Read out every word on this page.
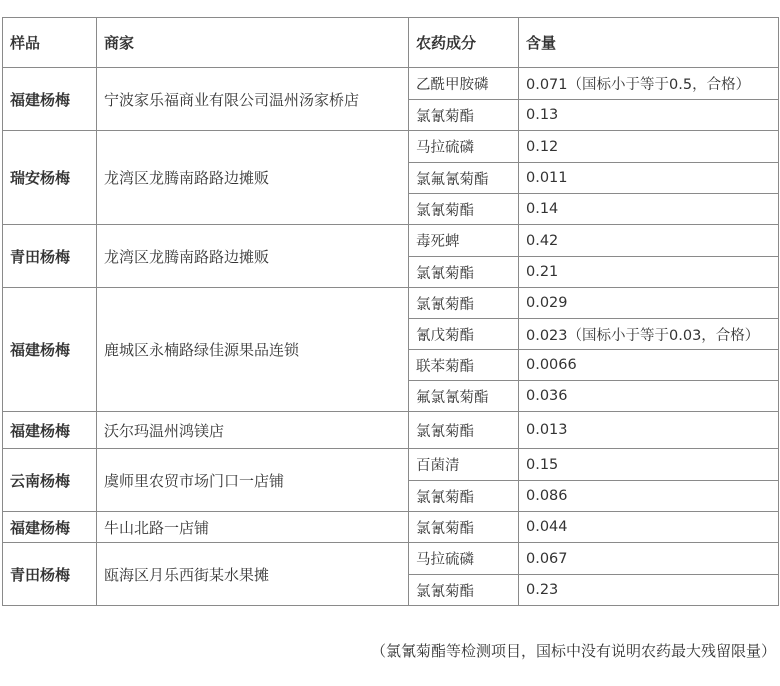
样品	商家	农药成分	含量
福建杨梅	宁波家乐福商业有限公司温州汤家桥店	乙酰甲胺磷	0.071（国标小于等于0.5，合格）
		氯氰菊酯	0.13
瑞安杨梅	龙湾区龙腾南路路边摊贩	马拉硫磷	0.12
		氯氟氰菊酯	0.011
		氯氰菊酯	0.14
青田杨梅	龙湾区龙腾南路路边摊贩	毒死蜱	0.42
		氯氰菊酯	0.21
福建杨梅	鹿城区永楠路绿佳源果品连锁	氯氰菊酯	0.029
		氰戊菊酯	0.023（国标小于等于0.03，合格）
		联苯菊酯	0.0066
		氟氯氰菊酯	0.036
福建杨梅	沃尔玛温州鸿镁店	氯氰菊酯	0.013
云南杨梅	虞师里农贸市场门口一店铺	百菌清	0.15
		氯氰菊酯	0.086
福建杨梅	牛山北路一店铺	氯氰菊酯	0.044
青田杨梅	瓯海区月乐西街某水果摊	马拉硫磷	0.067
		氯氰菊酯	0.23
（氯氰菊酯等检测项目，国标中没有说明农药最大残留限量）
